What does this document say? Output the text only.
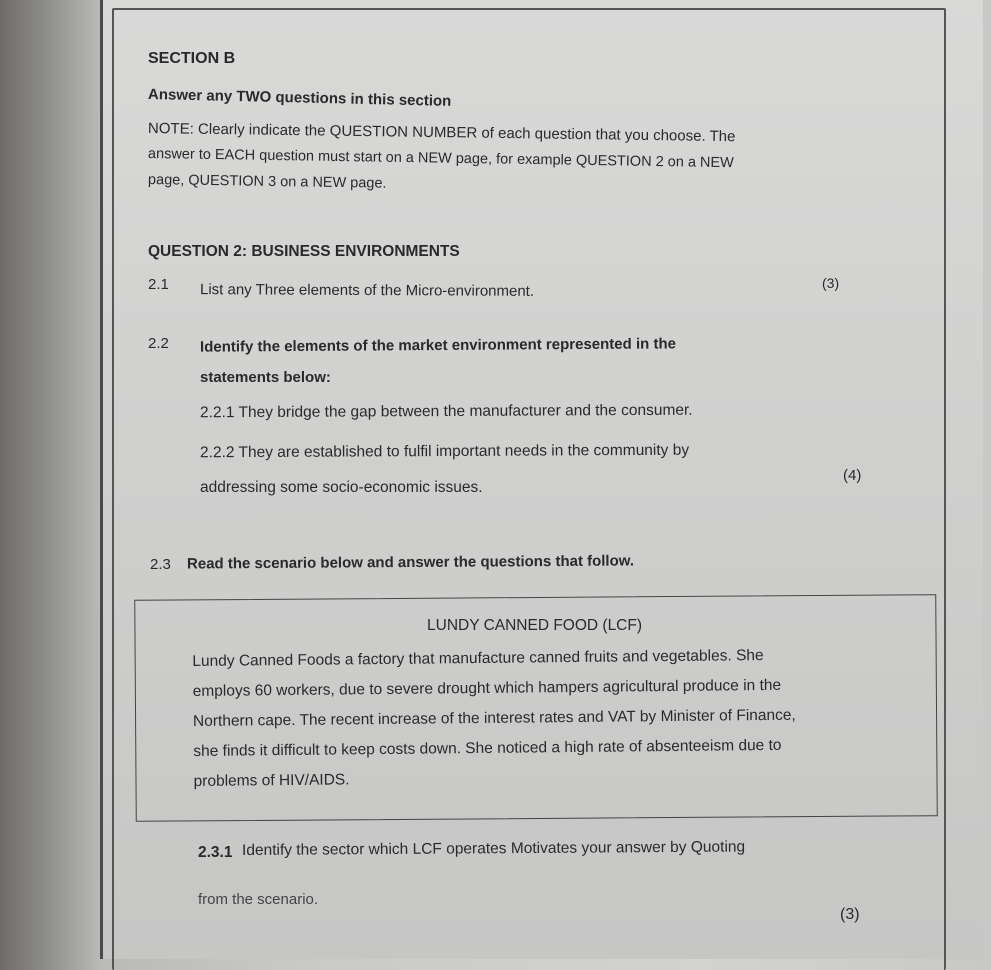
SECTION B
Answer any TWO questions in this section
NOTE: Clearly indicate the QUESTION NUMBER of each question that you choose. The
answer to EACH question must start on a NEW page, for example QUESTION 2 on a NEW
page, QUESTION 3 on a NEW page.
QUESTION 2: BUSINESS ENVIRONMENTS
2.1 List any Three elements of the Micro-environment.	(3)
2.2 Identify the elements of the market environment represented in the
statements below:
2.2.1 They bridge the gap between the manufacturer and the consumer.
2.2.2 They are established to fulfil important needs in the community by
addressing some socio-economic issues.
(4)
2.3 Read the scenario below and answer the questions that follow.
LUNDY CANNED FOOD (LCF)
Lundy Canned Foods a factory that manufacture canned fruits and vegetables. She
employs 60 workers, due to severe drought which hampers agricultural produce in the
Northern cape. The recent increase of the interest rates and VAT by Minister of Finance,
she finds it difficult to keep costs down. She noticed a high rate of absenteeism due to
problems of HIV/AIDS.
2.3.1 Identify the sector which LCF operates Motivates your answer by Quoting
from the scenario.
(3)
